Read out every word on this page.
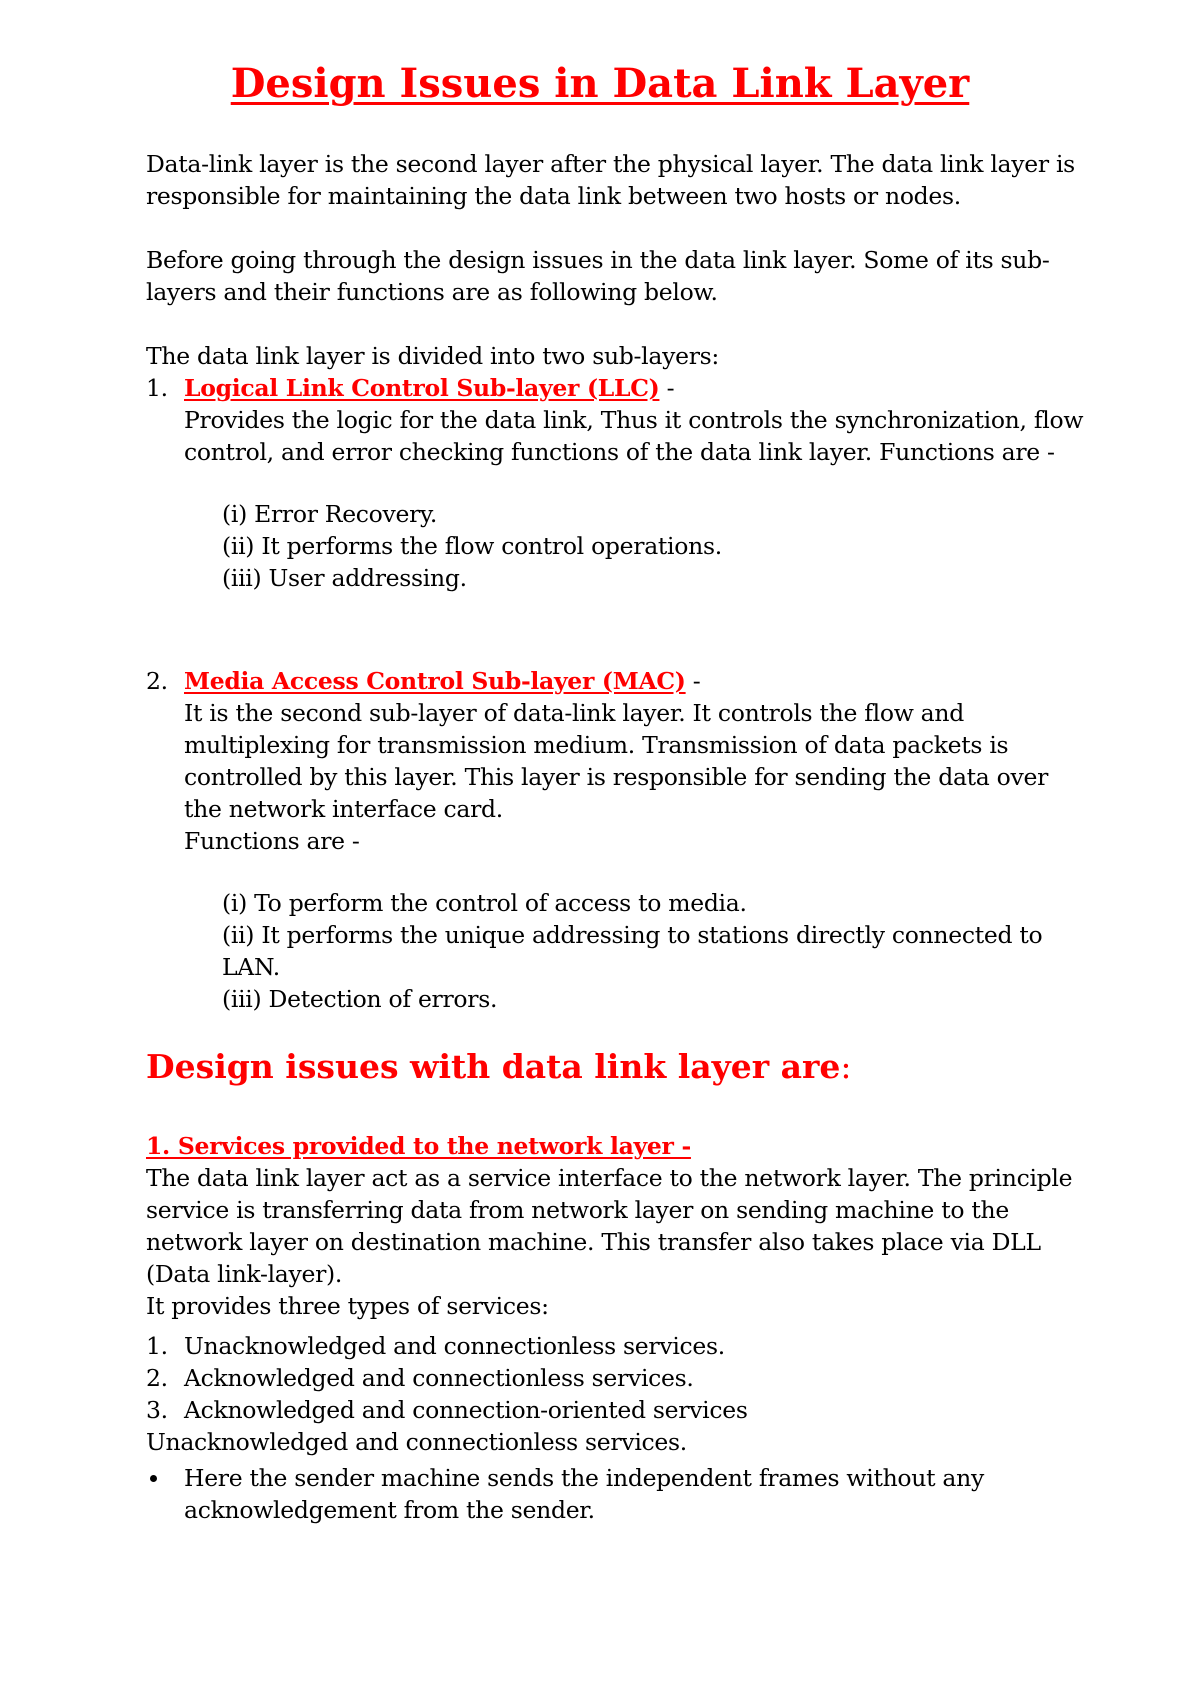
Design Issues in Data Link Layer
Data-link layer is the second layer after the physical layer. The data link layer is responsible for maintaining the data link between two hosts or nodes.
Before going through the design issues in the data link layer. Some of its sub-layers and their functions are as following below.
The data link layer is divided into two sub-layers:
1. Logical Link Control Sub-layer (LLC) -
Provides the logic for the data link, Thus it controls the synchronization, flow control, and error checking functions of the data link layer. Functions are -
(i) Error Recovery.
(ii) It performs the flow control operations.
(iii) User addressing.
2. Media Access Control Sub-layer (MAC) -
It is the second sub-layer of data-link layer. It controls the flow and multiplexing for transmission medium. Transmission of data packets is controlled by this layer. This layer is responsible for sending the data over the network interface card.
Functions are -
(i) To perform the control of access to media.
(ii) It performs the unique addressing to stations directly connected to LAN.
(iii) Detection of errors.
Design issues with data link layer are:
1. Services provided to the network layer -
The data link layer act as a service interface to the network layer. The principle service is transferring data from network layer on sending machine to the network layer on destination machine. This transfer also takes place via DLL (Data link-layer).
It provides three types of services:
1. Unacknowledged and connectionless services.
2. Acknowledged and connectionless services.
3. Acknowledged and connection-oriented services
Unacknowledged and connectionless services.
Here the sender machine sends the independent frames without any acknowledgement from the sender.
